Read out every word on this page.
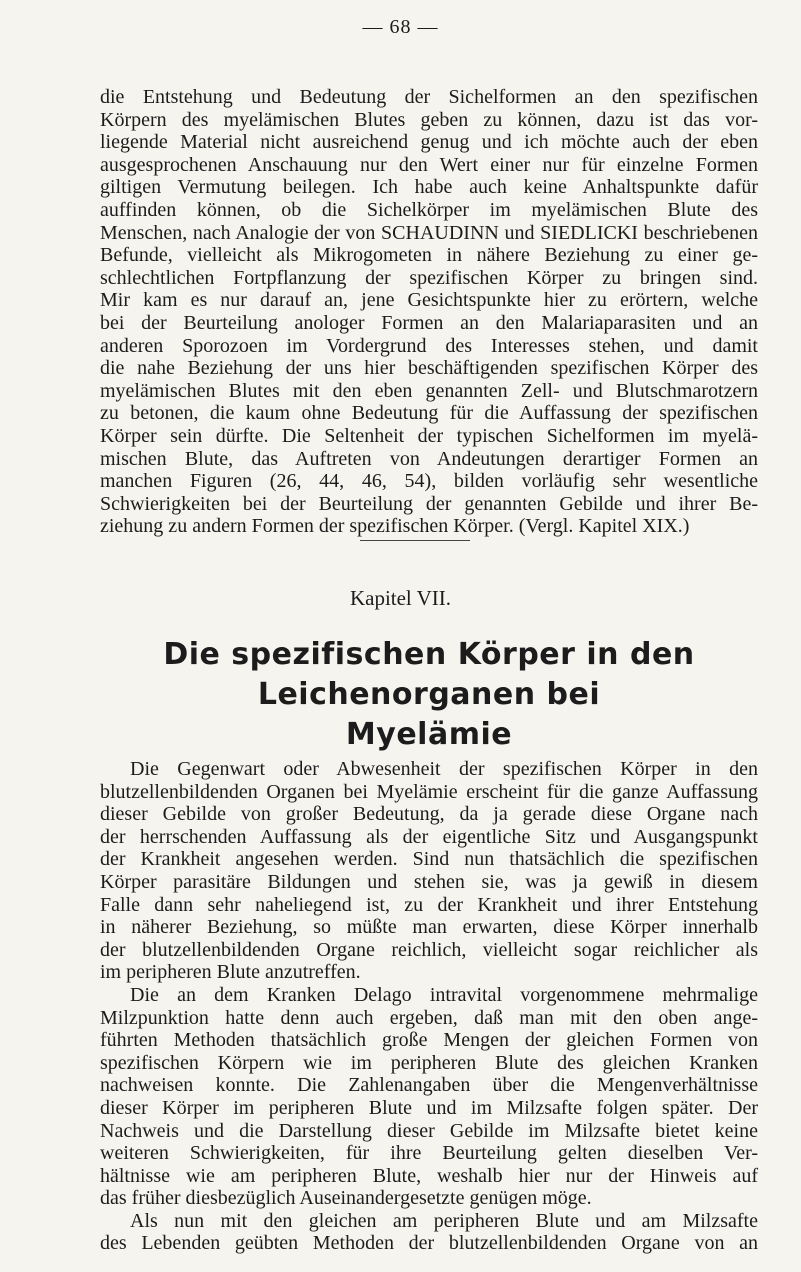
— 68 —

die Entstehung und Bedeutung der Sichelformen an den spezifischen
Körpern des myelämischen Blutes geben zu können, dazu ist das vor-
liegende Material nicht ausreichend genug und ich möchte auch der eben
ausgesprochenen Anschauung nur den Wert einer nur für einzelne Formen
giltigen Vermutung beilegen. Ich habe auch keine Anhaltspunkte dafür
auffinden können, ob die Sichelkörper im myelämischen Blute des
Menschen, nach Analogie der von SCHAUDINN und SIEDLICKI beschriebenen
Befunde, vielleicht als Mikrogometen in nähere Beziehung zu einer ge-
schlechtlichen Fortpflanzung der spezifischen Körper zu bringen sind.
Mir kam es nur darauf an, jene Gesichtspunkte hier zu erörtern, welche
bei der Beurteilung anologer Formen an den Malariaparasiten und an
anderen Sporozoen im Vordergrund des Interesses stehen, und damit
die nahe Beziehung der uns hier beschäftigenden spezifischen Körper des
myelämischen Blutes mit den eben genannten Zell- und Blutschmarotzern
zu betonen, die kaum ohne Bedeutung für die Auffassung der spezifischen
Körper sein dürfte. Die Seltenheit der typischen Sichelformen im myelä-
mischen Blute, das Auftreten von Andeutungen derartiger Formen an
manchen Figuren (26, 44, 46, 54), bilden vorläufig sehr wesentliche
Schwierigkeiten bei der Beurteilung der genannten Gebilde und ihrer Be-
ziehung zu andern Formen der spezifischen Körper. (Vergl. Kapitel XIX.)

Kapitel VII.
Die spezifischen Körper in den Leichenorganen bei
Myelämie

Die Gegenwart oder Abwesenheit der spezifischen Körper in den
blutzellenbildenden Organen bei Myelämie erscheint für die ganze Auffassung
dieser Gebilde von großer Bedeutung, da ja gerade diese Organe nach
der herrschenden Auffassung als der eigentliche Sitz und Ausgangspunkt
der Krankheit angesehen werden. Sind nun thatsächlich die spezifischen
Körper parasitäre Bildungen und stehen sie, was ja gewiß in diesem
Falle dann sehr naheliegend ist, zu der Krankheit und ihrer Entstehung
in näherer Beziehung, so müßte man erwarten, diese Körper innerhalb
der blutzellenbildenden Organe reichlich, vielleicht sogar reichlicher als
im peripheren Blute anzutreffen.

Die an dem Kranken Delago intravital vorgenommene mehrmalige
Milzpunktion hatte denn auch ergeben, daß man mit den oben ange-
führten Methoden thatsächlich große Mengen der gleichen Formen von
spezifischen Körpern wie im peripheren Blute des gleichen Kranken
nachweisen konnte. Die Zahlenangaben über die Mengenverhältnisse
dieser Körper im peripheren Blute und im Milzsafte folgen später. Der
Nachweis und die Darstellung dieser Gebilde im Milzsafte bietet keine
weiteren Schwierigkeiten, für ihre Beurteilung gelten dieselben Ver-
hältnisse wie am peripheren Blute, weshalb hier nur der Hinweis auf
das früher diesbezüglich Auseinandergesetzte genügen möge.

Als nun mit den gleichen am peripheren Blute und am Milzsafte
des Lebenden geübten Methoden der blutzellenbildenden Organe von an
